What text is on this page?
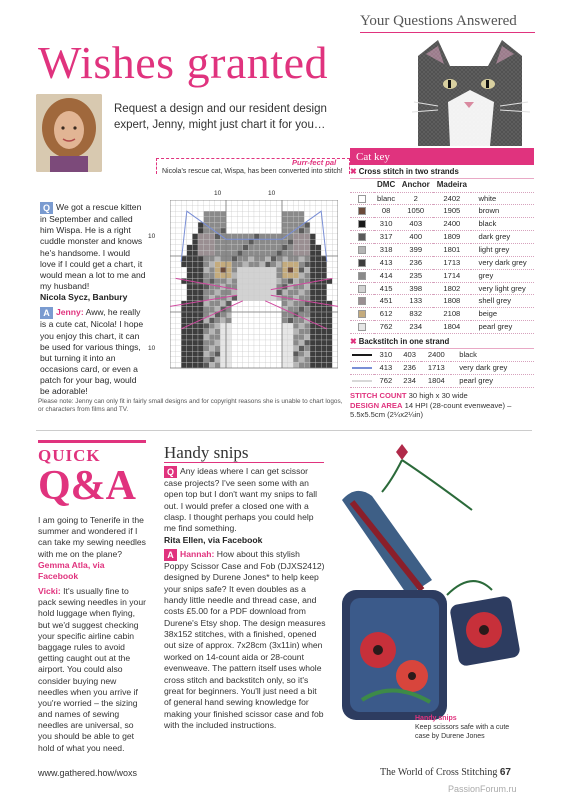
Your Questions Answered
Wishes granted
Request a design and our resident design expert, Jenny, might just chart it for you…
Purr-fect pal
Nicola's rescue cat, Wispa, has been converted into stitch!
10	10
10
10
Q We got a rescue kitten in September and called him Wispa. He is a right cuddle monster and knows he's handsome. I would love if I could get a chart, it would mean a lot to me and my husband!
Nicola Sycz, Banbury
A Jenny: Aww, he really is a cute cat, Nicola! I hope you enjoy this chart, it can be used for various things, but turning it into an occasions card, or even a patch for your bag, would be adorable!
Cat key
✖ Cross stitch in two strands
	DMC	Anchor	Madeira	
	blanc	2	2402	white
	08	1050	1905	brown
	310	403	2400	black
	317	400	1809	dark grey
	318	399	1801	light grey
	413	236	1713	very dark grey
	414	235	1714	grey
	415	398	1802	very light grey
	451	133	1808	shell grey
	612	832	2108	beige
	762	234	1804	pearl grey
✖ Backstitch in one strand
	310	403	2400	black
	413	236	1713	very dark grey
	762	234	1804	pearl grey
STITCH COUNT 30 high x 30 wide
DESIGN AREA 14 HPI (28-count evenweave) – 5.5x5.5cm (2¼x2¼in)
Please note: Jenny can only fit in fairly small designs and for copyright reasons she is unable to chart logos, or characters from films and TV.
QUICK
Q&A
I am going to Tenerife in the summer and wondered if I can take my sewing needles with me on the plane?
Gemma Atla, via Facebook
Vicki: It's usually fine to pack sewing needles in your hold luggage when flying, but we'd suggest checking your specific airline cabin baggage rules to avoid getting caught out at the airport. You could also consider buying new needles when you arrive if you're worried – the sizing and names of sewing needles are universal, so you should be able to get hold of what you need.
Handy snips
Q Any ideas where I can get scissor case projects? I've seen some with an open top but I don't want my snips to fall out. I would prefer a closed one with a clasp. I thought perhaps you could help me find something.
Rita Ellen, via Facebook
A Hannah: How about this stylish Poppy Scissor Case and Fob (DJXS2412) designed by Durene Jones* to help keep your snips safe? It even doubles as a handy little needle and thread case, and costs £5.00 for a PDF download from Durene's Etsy shop. The design measures 38x152 stitches, with a finished, opened out size of approx. 7x28cm (3x11in) when worked on 14-count aida or 28-count evenweave. The pattern itself uses whole cross stitch and backstitch only, so it's great for beginners. You'll just need a bit of general hand sewing knowledge for making your finished scissor case and fob with the included instructions.
Handy snips
Keep scissors safe with a cute case by Durene Jones
www.gathered.how/woxs	The World of Cross Stitching 67
PassionForum.ru
